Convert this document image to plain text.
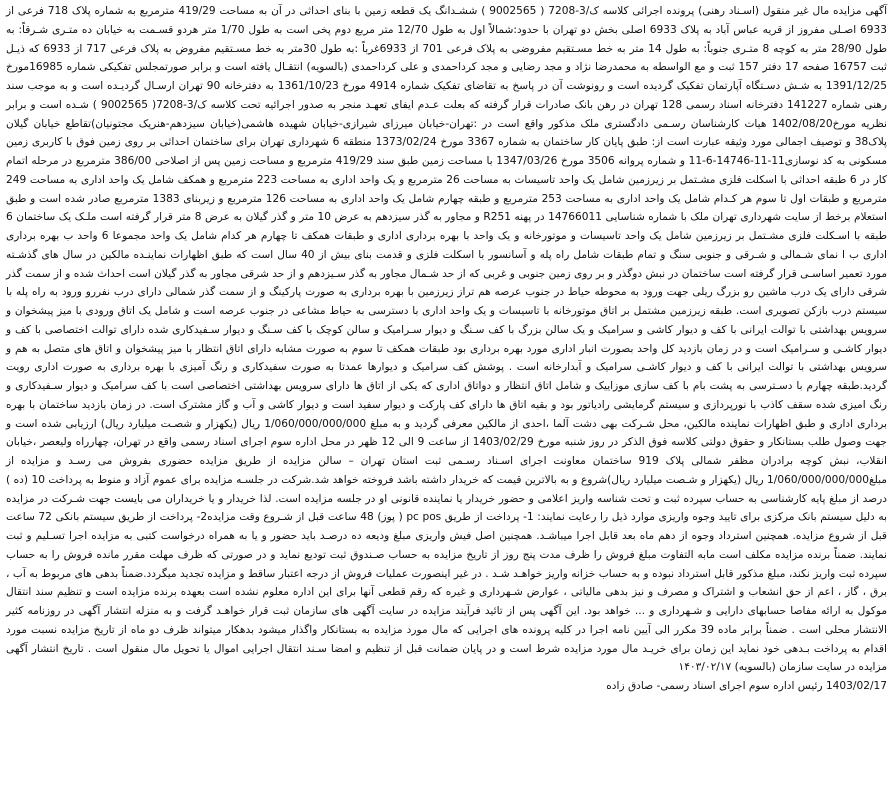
آگهی مزایده مال غیر منقول (اسـناد رهنی) پرونده اجرائی کلاسه ک/3-7208 ( 9002565 ) ششـدانگ یک قطعه زمین با بنای احداثی در آن به مساحت 419/29 مترمربع به شماره پلاک 718 فرعی از 6933 اصـلی مفروز از قریه عباس آباد به پلاک 6933 اصلی بخش دو تهران با حدود:شمالاً اول به طول 12/70 متر مربع دوم پخی است به طول 1/70 متر هردو قسـمت به خیابان ده متـری شـرقاً: به طول 28/90 متر به کوچه 8 متـری جنوباً: به طول 14 متر به خط مسـتقیم مفروضی به پلاک فرعی 701 از 6933غرباً :به طول 30متر به خط مسـتقیم مفروض به پلاک فرعی 717 از 6933 که ذیـل ثبت 16757 صفحه 17 دفتر 157 ثبت و مع الواسطه به محمدرضا نژاد و مجد رضایی و مجد کرداحمدی و علی کرداحمدی (بالسویه) انتقـال یافته است و برابر صورتمجلس تفکیکی شماره 16985مورخ 1391/12/25 به شـش دسـتگاه آپارتمان تفکیک گردیده است و رونوشت آن در پاسخ به تقاضای تفکیک شماره 4914 مورخ 1361/10/23 به دفترخانه 90 تهران ارسـال گردیـده است و به موجب سند رهنی شماره 141227 دفترخانه اسناد رسمی 128 تهران در رهن بانک صادرات قرار گرفته که بعلت عـدم ایفای تعهـد منجر به صدور اجرائیه تحت کلاسه ک/3-7208( 9002565 ) شـده است و برابر نظریه مورخ1402/08/20 هیات کارشناسان رسـمی دادگستری ملک مذکور واقع است در :تهران-خیابان میرزای شیرازی-خیابان شهیده هاشمی(خیابان سیزدهم-هنریک مجتونیان)تقاطع خیابان گیلان پلاک38 و توصیف اجمالی مورد وثیقه عبارت است از: طبق پایان کار ساختمان به شماره 3367 مورخ 1373/02/24 منطقه 6 شهرداری تهران برای ساختمان احداثی بر روی زمین فوق با کاربری زمین مسکونی به کد نوسازی11-11-14746-6-11 و شماره پروانه 3506 مورخ 1347/03/26 با مساحت زمین طبق سند 419/29 مترمربع و مساحت زمین پس از اصلاحی 386/00 مترمربع در مرحله اتمام کار در 6 طبقه احداثی با اسکلت فلزی مشـتمل بر زیرزمین شامل یک واحد تاسیسات به مساحت 26 مترمربع و یک واحد اداری به مساحت 223 مترمربع و همکف شامل یک واحد اداری به مساحت 249 مترمربع و طبقات اول تا سوم هر کـدام شامل یک واحد اداری به مساحت 253 مترمربع و طبقه چهارم شامل یک واحد اداری به مساحت 126 مترمربع و زیربنای 1383 مترمربع صادر شده است و طبق استعلام برخط از سایت شهرداری تهران ملک با شماره شناسایی 14766011 در پهنه R251 و مجاور به گذر سیزدهم به عرض 10 متر و گذر گیلان به عرض 8 متر قرار گرفته است ملـک یک ساختمان 6 طبقه با اسـکلت فلزی مشـتمل بر زیرزمین شامل یک واحد تاسیسات و موتورخانه و یک واحد با بهره برداری اداری و طبقات همکف تا چهارم هر کدام شامل یک واحد مجموعا 6 واحد ب بهره برداری اداری ب ا نمای شـمالی و شـرقی و جنوبی سنگ و تمام طبقات شامل راه پله و آسانسور با اسکلت فلزی و قدمت بنای بیش از 40 سال است که طبق اظهارات نماینـده مالکین در سال های گذشـته مورد تعمیر اساسـی قرار گرفته است ساختمان در نبش دوگذر و بر روی زمین جنوبی و غربی که از حد شـمال مجاور به گذر سـیزدهم و از حد شرقی مجاور به گذر گیلان است احداث شده و از سمت گذر شرقی دارای یک درب ماشین رو بزرگ ریلی جهت ورود به محوطه حیاط در جنوب عرصه هم تراز زیرزمین با بهره برداری به صورت پارکینگ و از سمت گذر شمالی دارای درب نفررو ورود به راه پله با سیستم درب بازکن تصویری است. طبقه زیرزمین مشتمل بر اتاق موتورخانه با تاسیسات و یک واحد اداری با دسترسی به حیاط مشاعی در جنوب عرصه است و شامل یک اتاق ورودی با میز پیشخوان و سرویس بهداشتی با توالت ایرانی با کف و دیوار کاشی و سرامیک و یک سالن بزرگ با کف سـنگ و دیوار سـرامیک و سالن کوچک با کف سـنگ و دیوار سـفیدکاری شده دارای توالت اختصاصی با کف و دیوار کاشـی و سـرامیک است و در زمان بازدید کل واحد بصورت انبار اداری مورد بهره برداری بود طبقات همکف تا سوم به صورت مشابه دارای اتاق انتظار با میز پیشخوان و اتاق های متصل به هم و سرویس بهداشتی با توالت ایرانی با کف و دیوار کاشـی سرامیک و آبدارخانه است . پوشش کف سرامیک و دیوارها عمدتا به صورت سفیدکاری و رنگ آمیزی با بهره برداری به صورت اداری رویت گردید.طبقه چهارم با دسـترسی به پشت بام با کف سازی موزاییک و شامل اتاق انتظار و دواتاق اداری که یکی از اتاق ها دارای سرویس بهداشتی اختصاصی است با کف سرامیک و دیوار سـفیدکاری و رنگ امیزی شده سقف کاذب با نورپردازی و سیستم گرمایشی رادیاتور بود و بقیه اتاق ها دارای کف پارکت و دیوار سفید است و دیوار کاشی و آب و گاز مشترک است. در زمان بازدید ساختمان با بهره برداری اداری و طبق اظهارات نماینده مالکین، محل شـرکت بهی دشت آلما ،احدی از مالکین معرفی گردید و به مبلغ 1/060/000/000/000 ریال (یکهزار و شصـت میلیارد ریال) ارزیابی شده است و جهت وصول طلب بستانکار و حقوق دولتی کلاسه فوق الذکر در روز شنبه مورخ 1403/02/29 از ساعت 9 الی 12 ظهر در محل اداره سوم اجرای اسناد رسمی واقع در تهران، چهارراه ولیعصر ،خیابان انقلاب، نبش کوچه برادران مظفر شمالی پلاک 919 ساختمان معاونت اجرای اسـناد رسـمی ثبت استان تهران – سالن مزایده از طریق مزایده حضوری بفروش می رسـد و مزایده از مبلغ1/060/000/000/000 ریال (یکهزار و شـصت میلیارد ریال)شروع و به بالاترین قیمت که خریدار داشته باشد فروخته خواهد شد.شرکت در جلسـه مزایده برای عموم آزاد و منوط به پرداخت 10 (ده ) درصد از مبلغ پایه کارشناسی به حساب سپرده ثبت و تحت شناسه واریز اعلامی و حضور خریدار یا نماینده قانونی او در جلسه مزایده است. لذا خریدار و یا خریداران می بایست جهت شـرکت در مزایده به دلیل سیستم بانک مرکزی برای تایید وجوه واریزی موارد ذیل را رعایت نمایند: 1- پرداخت از طریق pc pos ( پوز) 48 ساعت قبل از شـروع وقت مزایده2- پرداخت از طریق سیستم بانکی 72 ساعت قبل از شروع مزایده. همچنین استرداد وجوه از دهم ماه بعد قابل اجرا میباشـد. همچنین اصل فیش واریزی مبلغ ودیعه ده درصـد باید حضور و یا به همراه درخواست کتبی به مزایده اجرا تسـلیم و ثبت نمایند. ضمناً برنده مزایده مکلف است مابه التفاوت مبلغ فروش را ظرف مدت پنج روز از تاریخ مزایده به حساب صـندوق ثبت تودیع نماید و در صورتی که ظرف مهلت مقرر مانده فروش را به حساب سپرده ثبت واریز نکند، مبلغ مذکور قابل استرداد نبوده و به حساب خزانه واریز خواهـد شـد . در غیر اینصورت عملیات فروش از درجه اعتبار ساقط و مزایده تجدید میگردد.ضمناً بدهی های مربوط به آب ، برق ، گاز ، اعم از حق انشعاب و اشتراک و مصرف و نیز بدهی مالیاتی ، عوارض شـهرداری و غیره که رقم قطعی آنها برای این اداره معلوم نشده است بعهده برنده مزایده است و تنظیم سند انتقال موکول به ارائه مفاصا حسابهای دارایی و شـهرداری و ... خواهد بود. این آگهی پس از تائید فرآیند مزایده در سایت آگهی های سازمان ثبت قرار خواهـد گرفت و به منزله انتشار آگهی در روزنامه کثیر الانتشار محلی است . ضمناً برابر ماده 39 مکرر الی آیین نامه اجرا در کلیه پرونده های اجرایی که مال مورد مزایده به بستانکار واگذار میشود بدهکار میتواند ظرف دو ماه از تاریخ مزایده نسبت مورد اقدام به پرداخت بـدهی خود نماید این زمان برای خریـد مال مورد مزایده شرط است و در پایان ضمانت قبل از تنظیم و امضا سـند انتقال اجرایی اموال یا تحویل مال منقول است . تاریخ انتشار آگهی مزایده در سایت سازمان (بالسویه) ۱۴۰۳/۰۲/۱۷

1403/02/17 رئیس اداره سوم اجرای اسناد رسمی- صادق زاده
